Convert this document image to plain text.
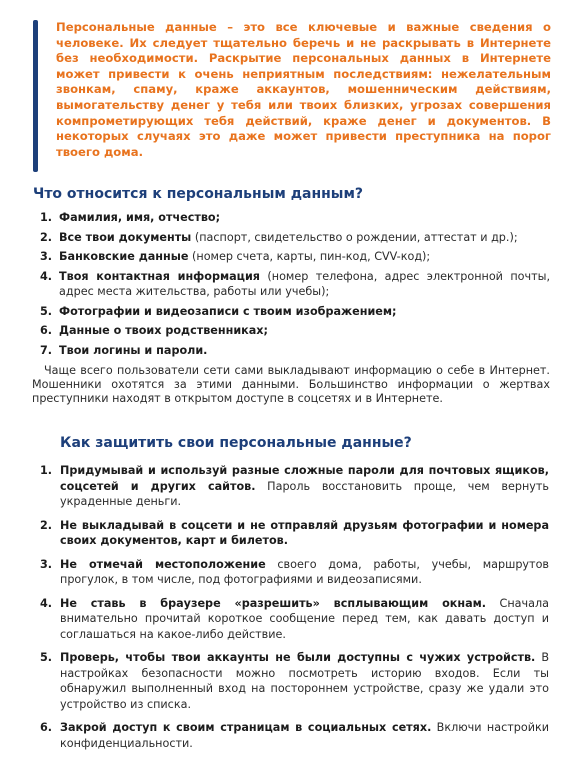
Персональные данные – это все ключевые и важные сведения о человеке. Их следует тщательно беречь и не раскрывать в Интернете без необходимости. Раскрытие персональных данных в Интернете может привести к очень неприятным последствиям: нежелательным звонкам, спаму, краже аккаунтов, мошенническим действиям, вымогательству денег у тебя или твоих близких, угрозах совершения компрометирующих тебя действий, краже денег и документов. В некоторых случаях это даже может привести преступника на порог твоего дома.

Что относится к персональным данным?
1. Фамилия, имя, отчество;
2. Все твои документы (паспорт, свидетельство о рождении, аттестат и др.);
3. Банковские данные (номер счета, карты, пин-код, CVV-код);
4. Твоя контактная информация (номер телефона, адрес электронной почты, адрес места жительства, работы или учебы);
5. Фотографии и видеозаписи с твоим изображением;
6. Данные о твоих родственниках;
7. Твои логины и пароли.

Чаще всего пользователи сети сами выкладывают информацию о себе в Интернет. Мошенники охотятся за этими данными. Большинство информации о жертвах преступники находят в открытом доступе в соцсетях и в Интернете.

Как защитить свои персональные данные?
1. Придумывай и используй разные сложные пароли для почтовых ящиков, соцсетей и других сайтов. Пароль восстановить проще, чем вернуть украденные деньги.
2. Не выкладывай в соцсети и не отправляй друзьям фотографии и номера своих документов, карт и билетов.
3. Не отмечай местоположение своего дома, работы, учебы, маршрутов прогулок, в том числе, под фотографиями и видеозаписями.
4. Не ставь в браузере «разрешить» всплывающим окнам. Сначала внимательно прочитай короткое сообщение перед тем, как давать доступ и соглашаться на какое-либо действие.
5. Проверь, чтобы твои аккаунты не были доступны с чужих устройств. В настройках безопасности можно посмотреть историю входов. Если ты обнаружил выполненный вход на постороннем устройстве, сразу же удали это устройство из списка.
6. Закрой доступ к своим страницам в социальных сетях. Включи настройки конфиденциальности.
